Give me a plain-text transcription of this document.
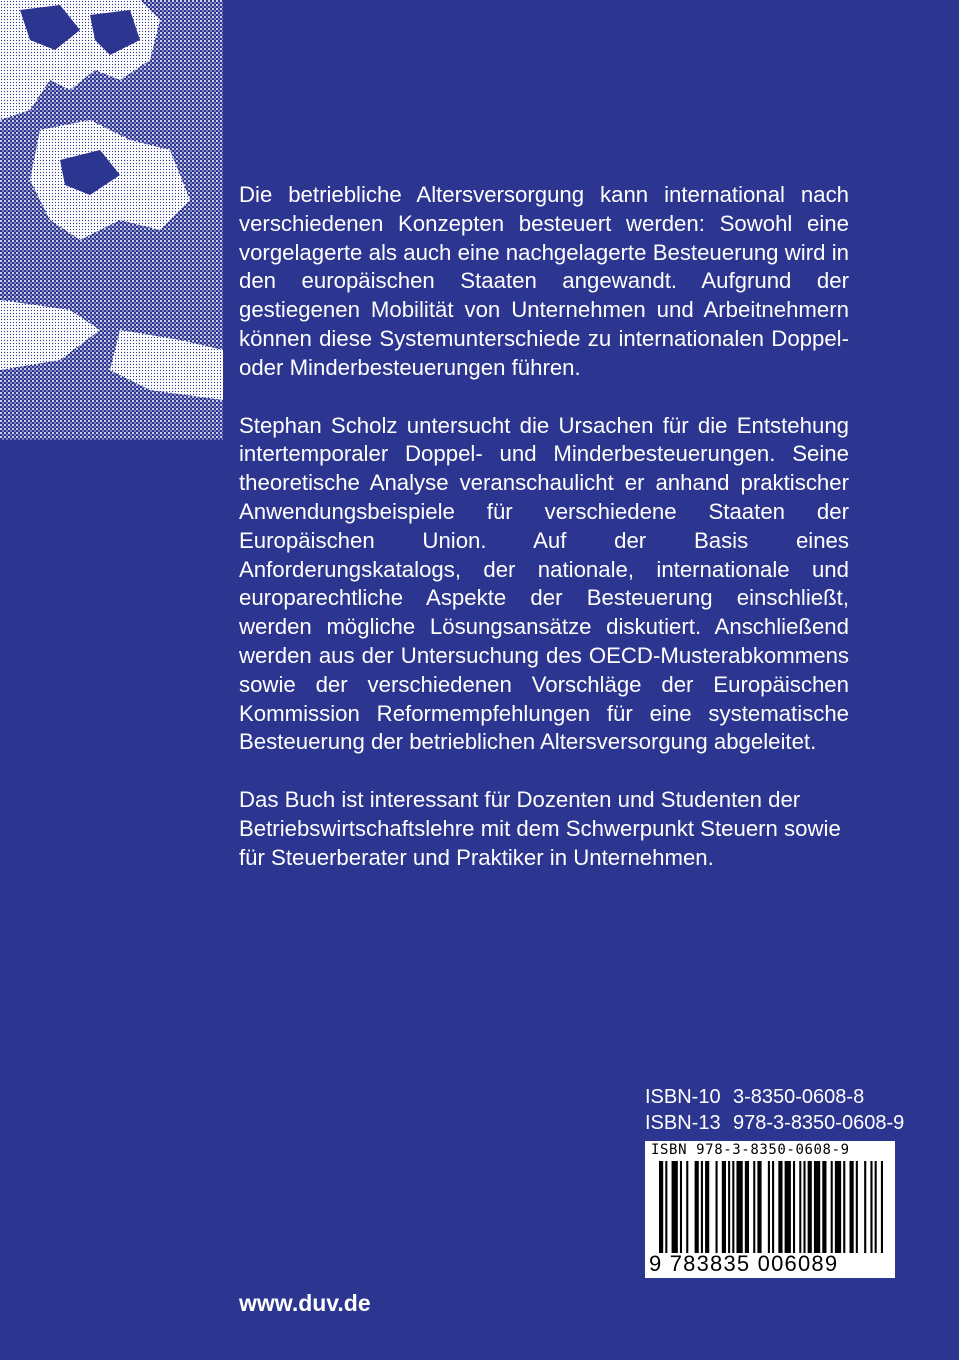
Die betriebliche Altersversorgung kann international nach verschiedenen Konzepten besteuert werden: Sowohl eine vorgelagerte als auch eine nachgelagerte Besteuerung wird in den europäischen Staaten angewandt. Aufgrund der gestiegenen Mobilität von Unternehmen und Arbeitnehmern können diese Systemunterschiede zu internationalen Doppel- oder Minderbesteuerungen führen.

Stephan Scholz untersucht die Ursachen für die Entstehung intertemporaler Doppel- und Minderbesteuerungen. Seine theoretische Analyse veranschaulicht er anhand praktischer Anwendungsbeispiele für verschiedene Staaten der Europäischen Union. Auf der Basis eines Anforderungskatalogs, der nationale, internationale und europarechtliche Aspekte der Besteuerung einschließt, werden mögliche Lösungsansätze diskutiert. Anschließend werden aus der Untersuchung des OECD-Musterabkommens sowie der verschiedenen Vorschläge der Europäischen Kommission Reformempfehlungen für eine systematische Besteuerung der betrieblichen Altersversorgung abgeleitet.

Das Buch ist interessant für Dozenten und Studenten der Betriebswirtschaftslehre mit dem Schwerpunkt Steuern sowie für Steuerberater und Praktiker in Unternehmen.

ISBN-10 3-8350-0608-8
ISBN-13 978-3-8350-0608-9
ISBN 978-3-8350-0608-9
9 783835 006089
www.duv.de
